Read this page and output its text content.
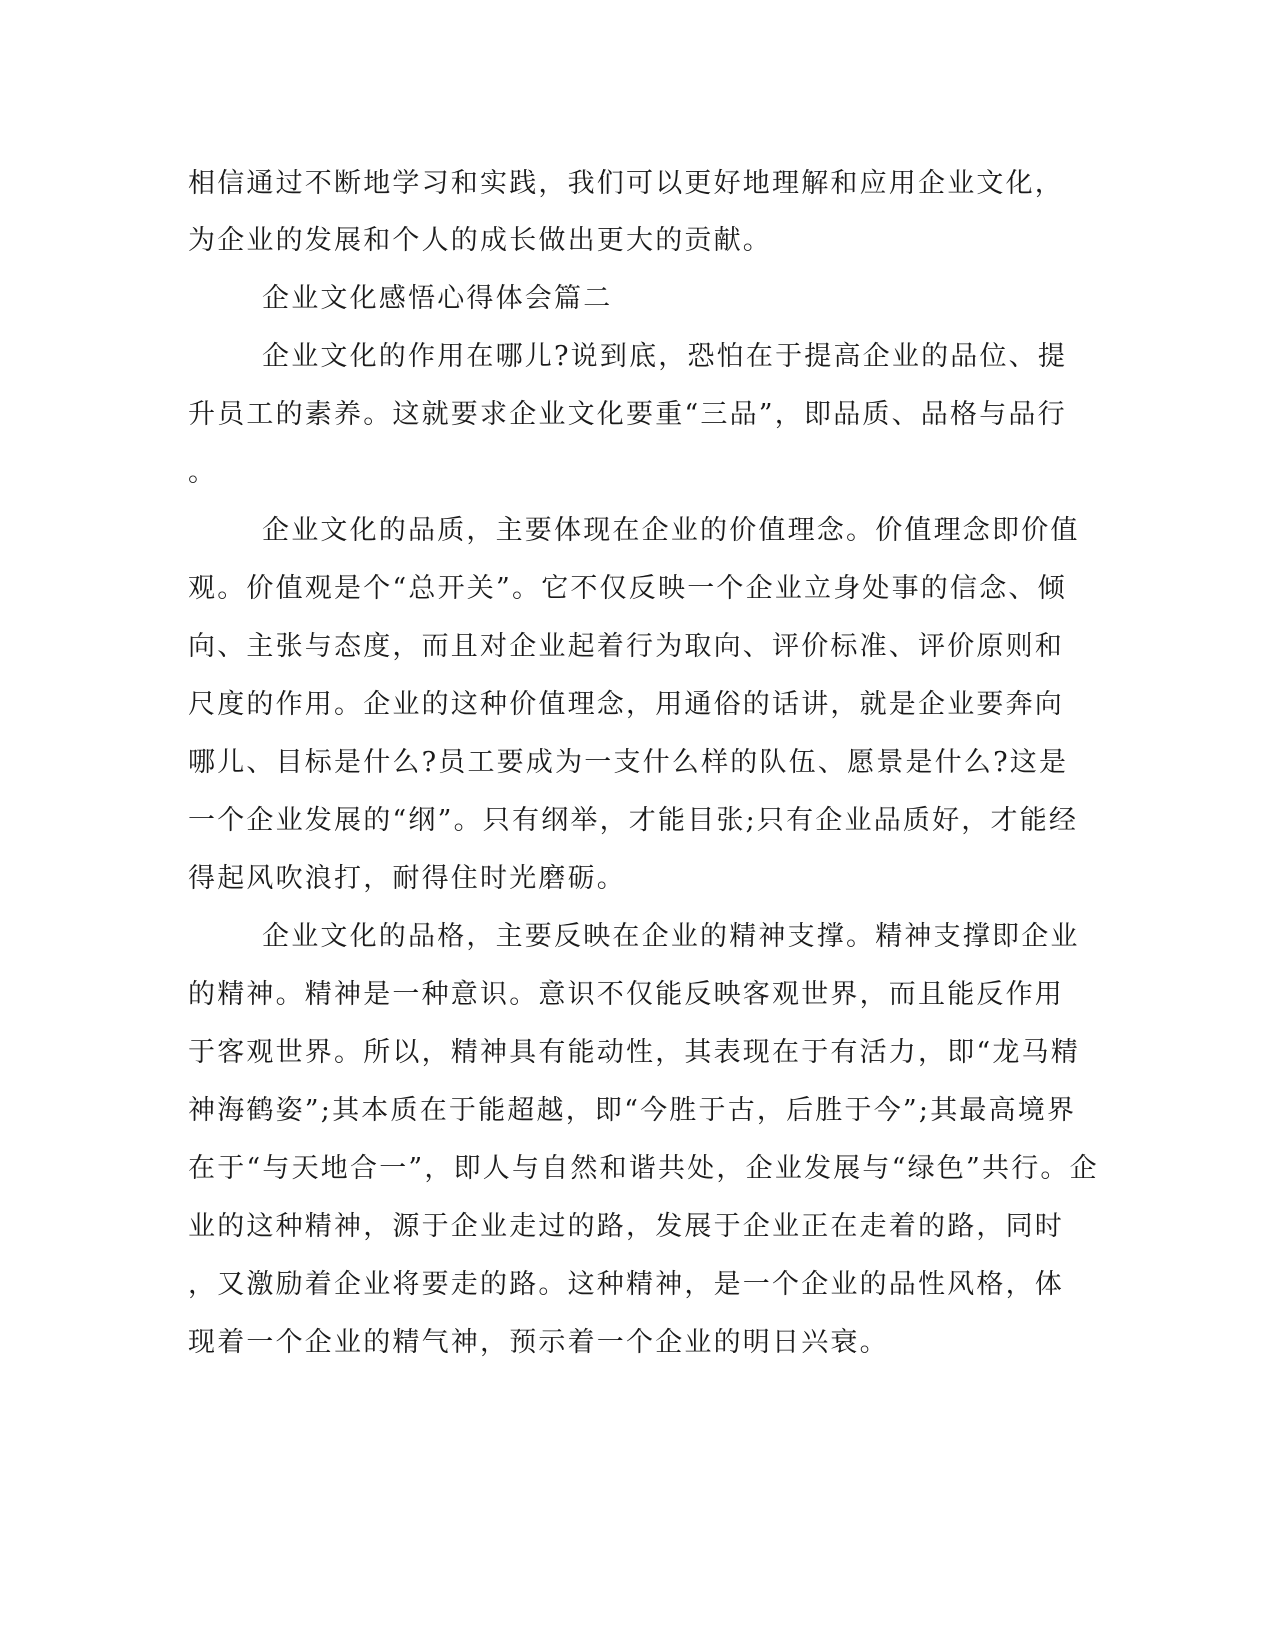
相信通过不断地学习和实践，我们可以更好地理解和应用企业文化，
为企业的发展和个人的成长做出更大的贡献。
企业文化感悟心得体会篇二
企业文化的作用在哪儿?说到底，恐怕在于提高企业的品位、提
升员工的素养。这就要求企业文化要重“三品”，即品质、品格与品行
。
企业文化的品质，主要体现在企业的价值理念。价值理念即价值
观。价值观是个“总开关”。它不仅反映一个企业立身处事的信念、倾
向、主张与态度，而且对企业起着行为取向、评价标准、评价原则和
尺度的作用。企业的这种价值理念，用通俗的话讲，就是企业要奔向
哪儿、目标是什么?员工要成为一支什么样的队伍、愿景是什么?这是
一个企业发展的“纲”。只有纲举，才能目张;只有企业品质好，才能经
得起风吹浪打，耐得住时光磨砺。
企业文化的品格，主要反映在企业的精神支撑。精神支撑即企业
的精神。精神是一种意识。意识不仅能反映客观世界，而且能反作用
于客观世界。所以，精神具有能动性，其表现在于有活力，即“龙马精
神海鹤姿”;其本质在于能超越，即“今胜于古，后胜于今”;其最高境界
在于“与天地合一”，即人与自然和谐共处，企业发展与“绿色”共行。企
业的这种精神，源于企业走过的路，发展于企业正在走着的路，同时
，又激励着企业将要走的路。这种精神，是一个企业的品性风格，体
现着一个企业的精气神，预示着一个企业的明日兴衰。
